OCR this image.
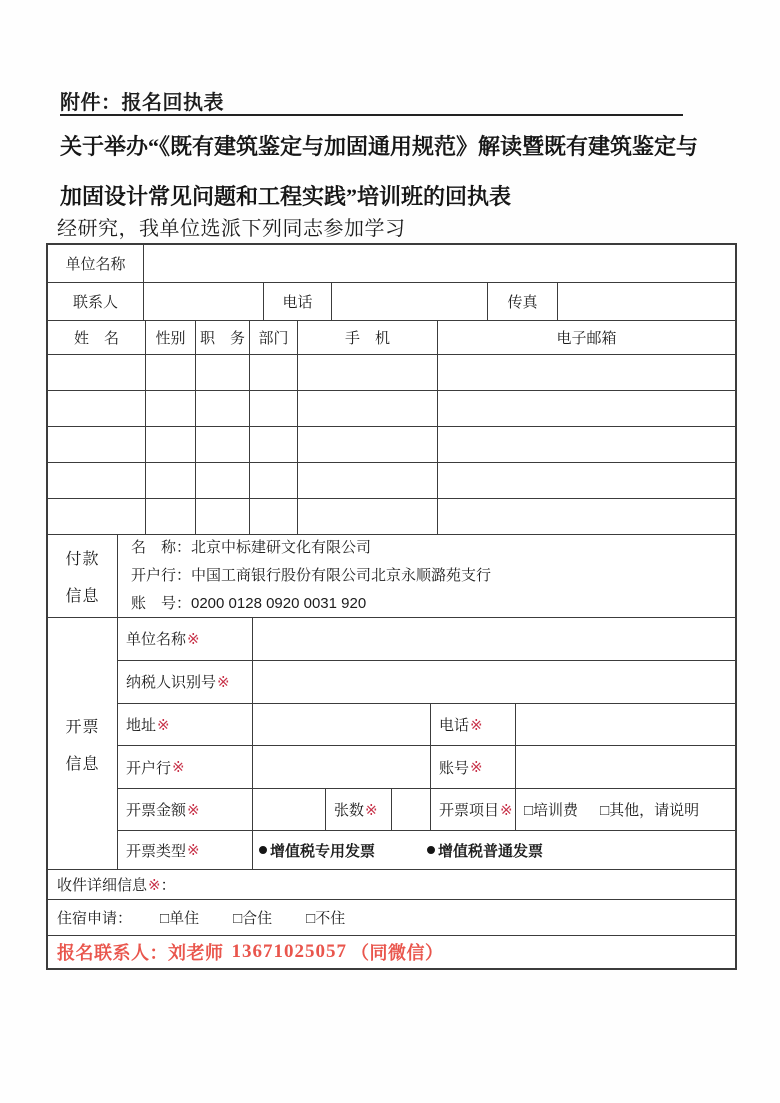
附件：报名回执表
关于举办“《既有建筑鉴定与加固通用规范》解读暨既有建筑鉴定与
加固设计常见问题和工程实践”培训班的回执表
经研究，我单位选派下列同志参加学习
单位名称
联系人	电话	传真
姓　名	性别 职　务 部门	手　机	电子邮箱
付款
信息
名　称：北京中标建研文化有限公司
开户行：中国工商银行股份有限公司北京永顺潞苑支行
账　号：0200 0128 0920 0031 920
开票
信息
单位名称 ※
纳税人识别号 ※
地址 ※	电话 ※
开户行 ※	账号 ※
开票金额 ※	张数 ※	开票项目 ※ □培训费 □其他，请说明
开票类型 ※	增值税专用发票	增值税普通发票
收件详细信息 ※ ：
住宿申请： □单住 □合住 □不住
报名联系人：刘老师 13671025057 （同微信）
